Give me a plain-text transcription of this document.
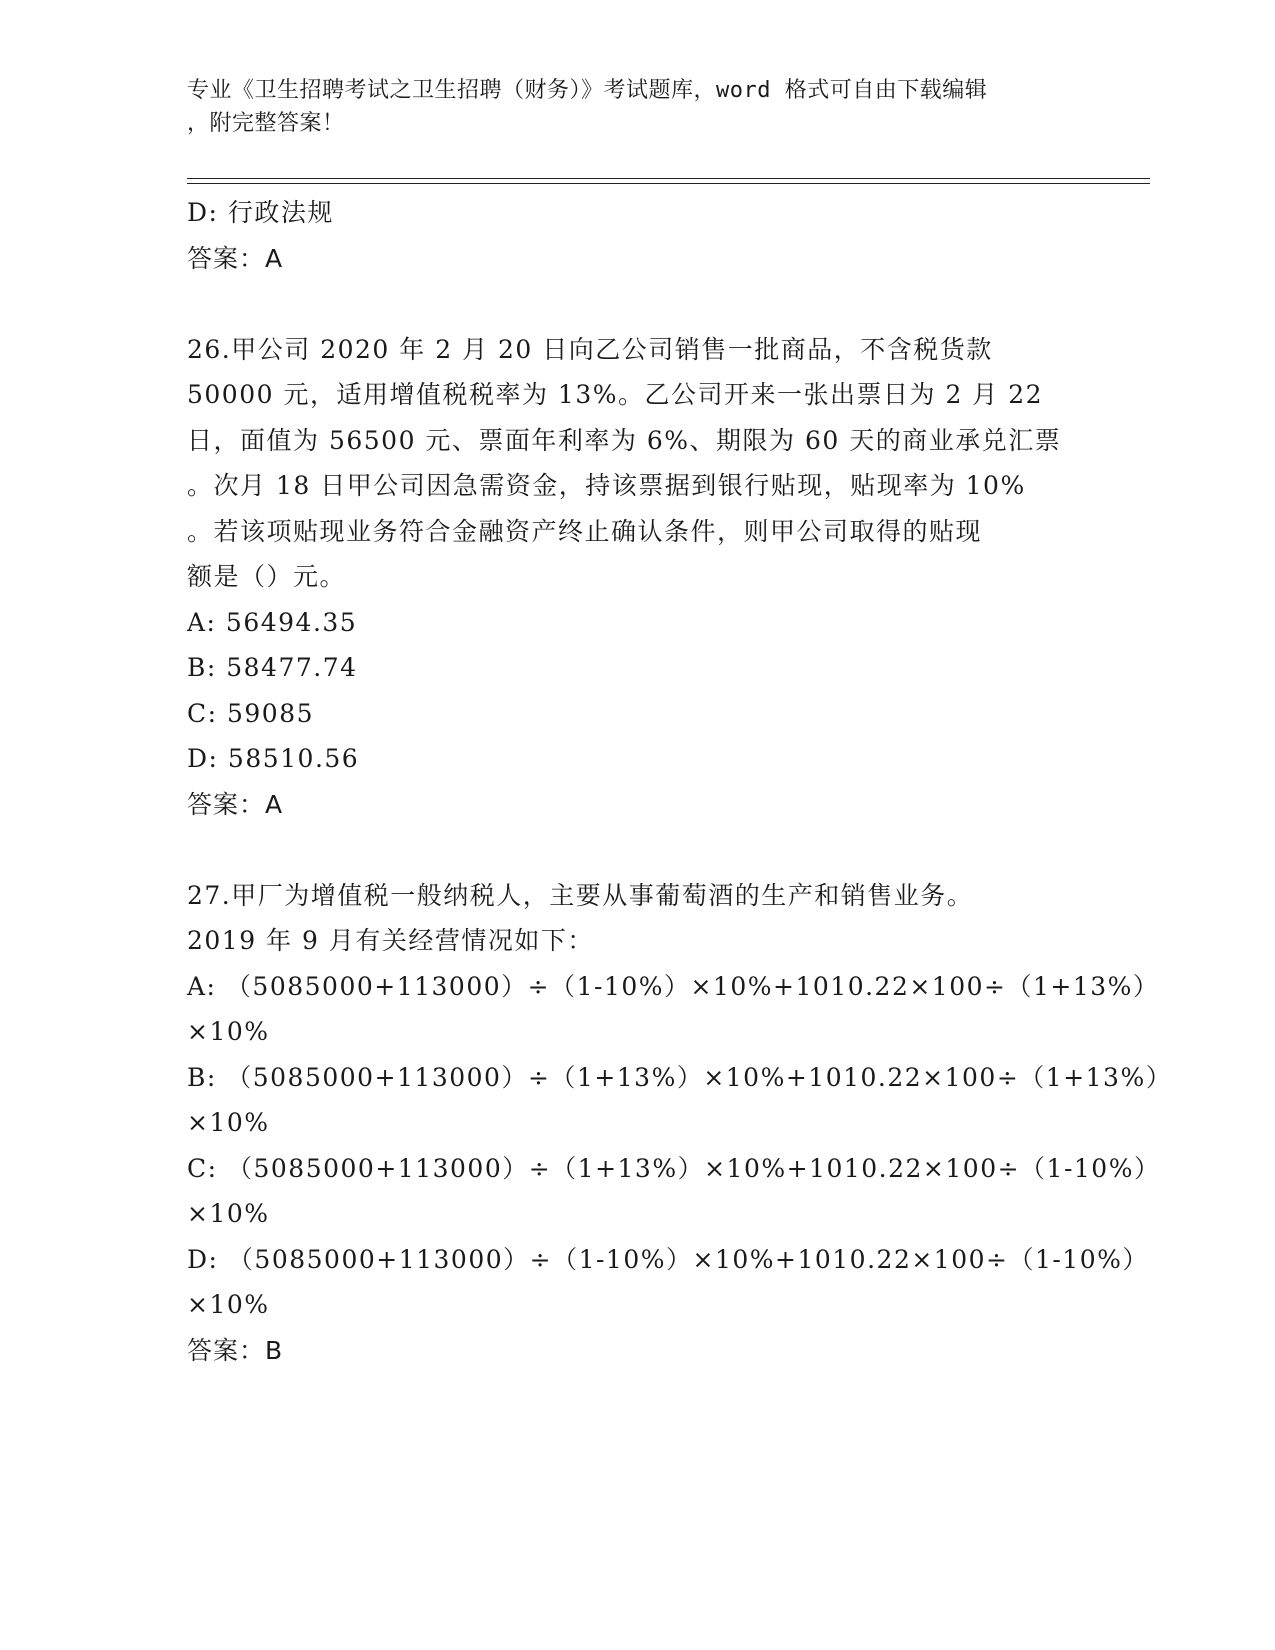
专业《卫生招聘考试之卫生招聘（财务）》考试题库，word 格式可自由下载编辑
，附完整答案！
D: 行政法规
答案：A
26.甲公司 2020 年 2 月 20 日向乙公司销售一批商品，不含税货款
50000 元，适用增值税税率为 13%。乙公司开来一张出票日为 2 月 22
日，面值为 56500 元、票面年利率为 6%、期限为 60 天的商业承兑汇票
。次月 18 日甲公司因急需资金，持该票据到银行贴现，贴现率为 10%
。若该项贴现业务符合金融资产终止确认条件，则甲公司取得的贴现
额是（）元。
A: 56494.35
B: 58477.74
C: 59085
D: 58510.56
答案：A
27.甲厂为增值税一般纳税人，主要从事葡萄酒的生产和销售业务。
2019 年 9 月有关经营情况如下：
A: （5085000+113000）÷（1-10%）×10%+1010.22×100÷（1+13%）
×10%
B: （5085000+113000）÷（1+13%）×10%+1010.22×100÷（1+13%）
×10%
C: （5085000+113000）÷（1+13%）×10%+1010.22×100÷（1-10%）
×10%
D: （5085000+113000）÷（1-10%）×10%+1010.22×100÷（1-10%）
×10%
答案：B
